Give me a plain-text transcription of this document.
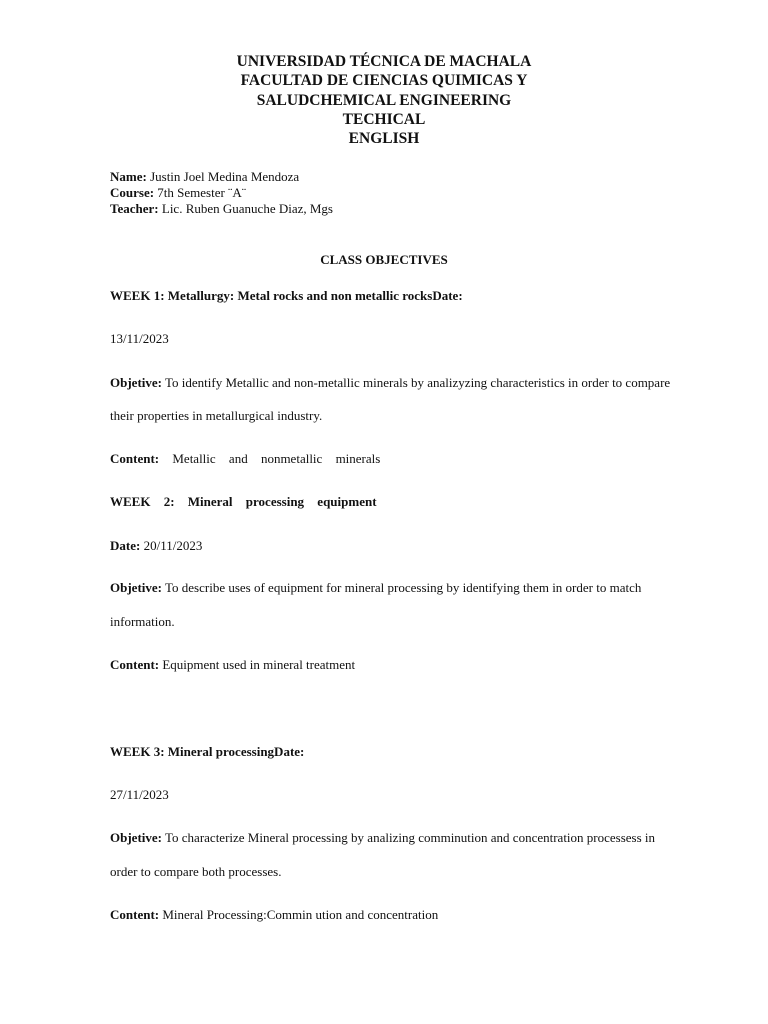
UNIVERSIDAD TÉCNICA DE MACHALA
FACULTAD DE CIENCIAS QUIMICAS Y
SALUDCHEMICAL ENGINEERING
TECHICAL
ENGLISH
Name: Justin Joel Medina Mendoza
Course: 7th Semester ¨A¨
Teacher: Lic. Ruben Guanuche Diaz, Mgs
CLASS OBJECTIVES
WEEK 1: Metallurgy: Metal rocks and non metallic rocksDate:
13/11/2023
Objetive: To identify Metallic and non-metallic minerals by analizyzing characteristics in order to compare
their properties in metallurgical industry.
Content: Metallic and nonmetallic minerals
WEEK 2: Mineral processing equipment
Date: 20/11/2023
Objetive: To describe uses of equipment for mineral processing by identifying them in order to match
information.
Content: Equipment used in mineral treatment
WEEK 3: Mineral processingDate:
27/11/2023
Objetive: To characterize Mineral processing by analizing comminution and concentration processess in
order to compare both processes.
Content: Mineral Processing:Commin ution and concentration
